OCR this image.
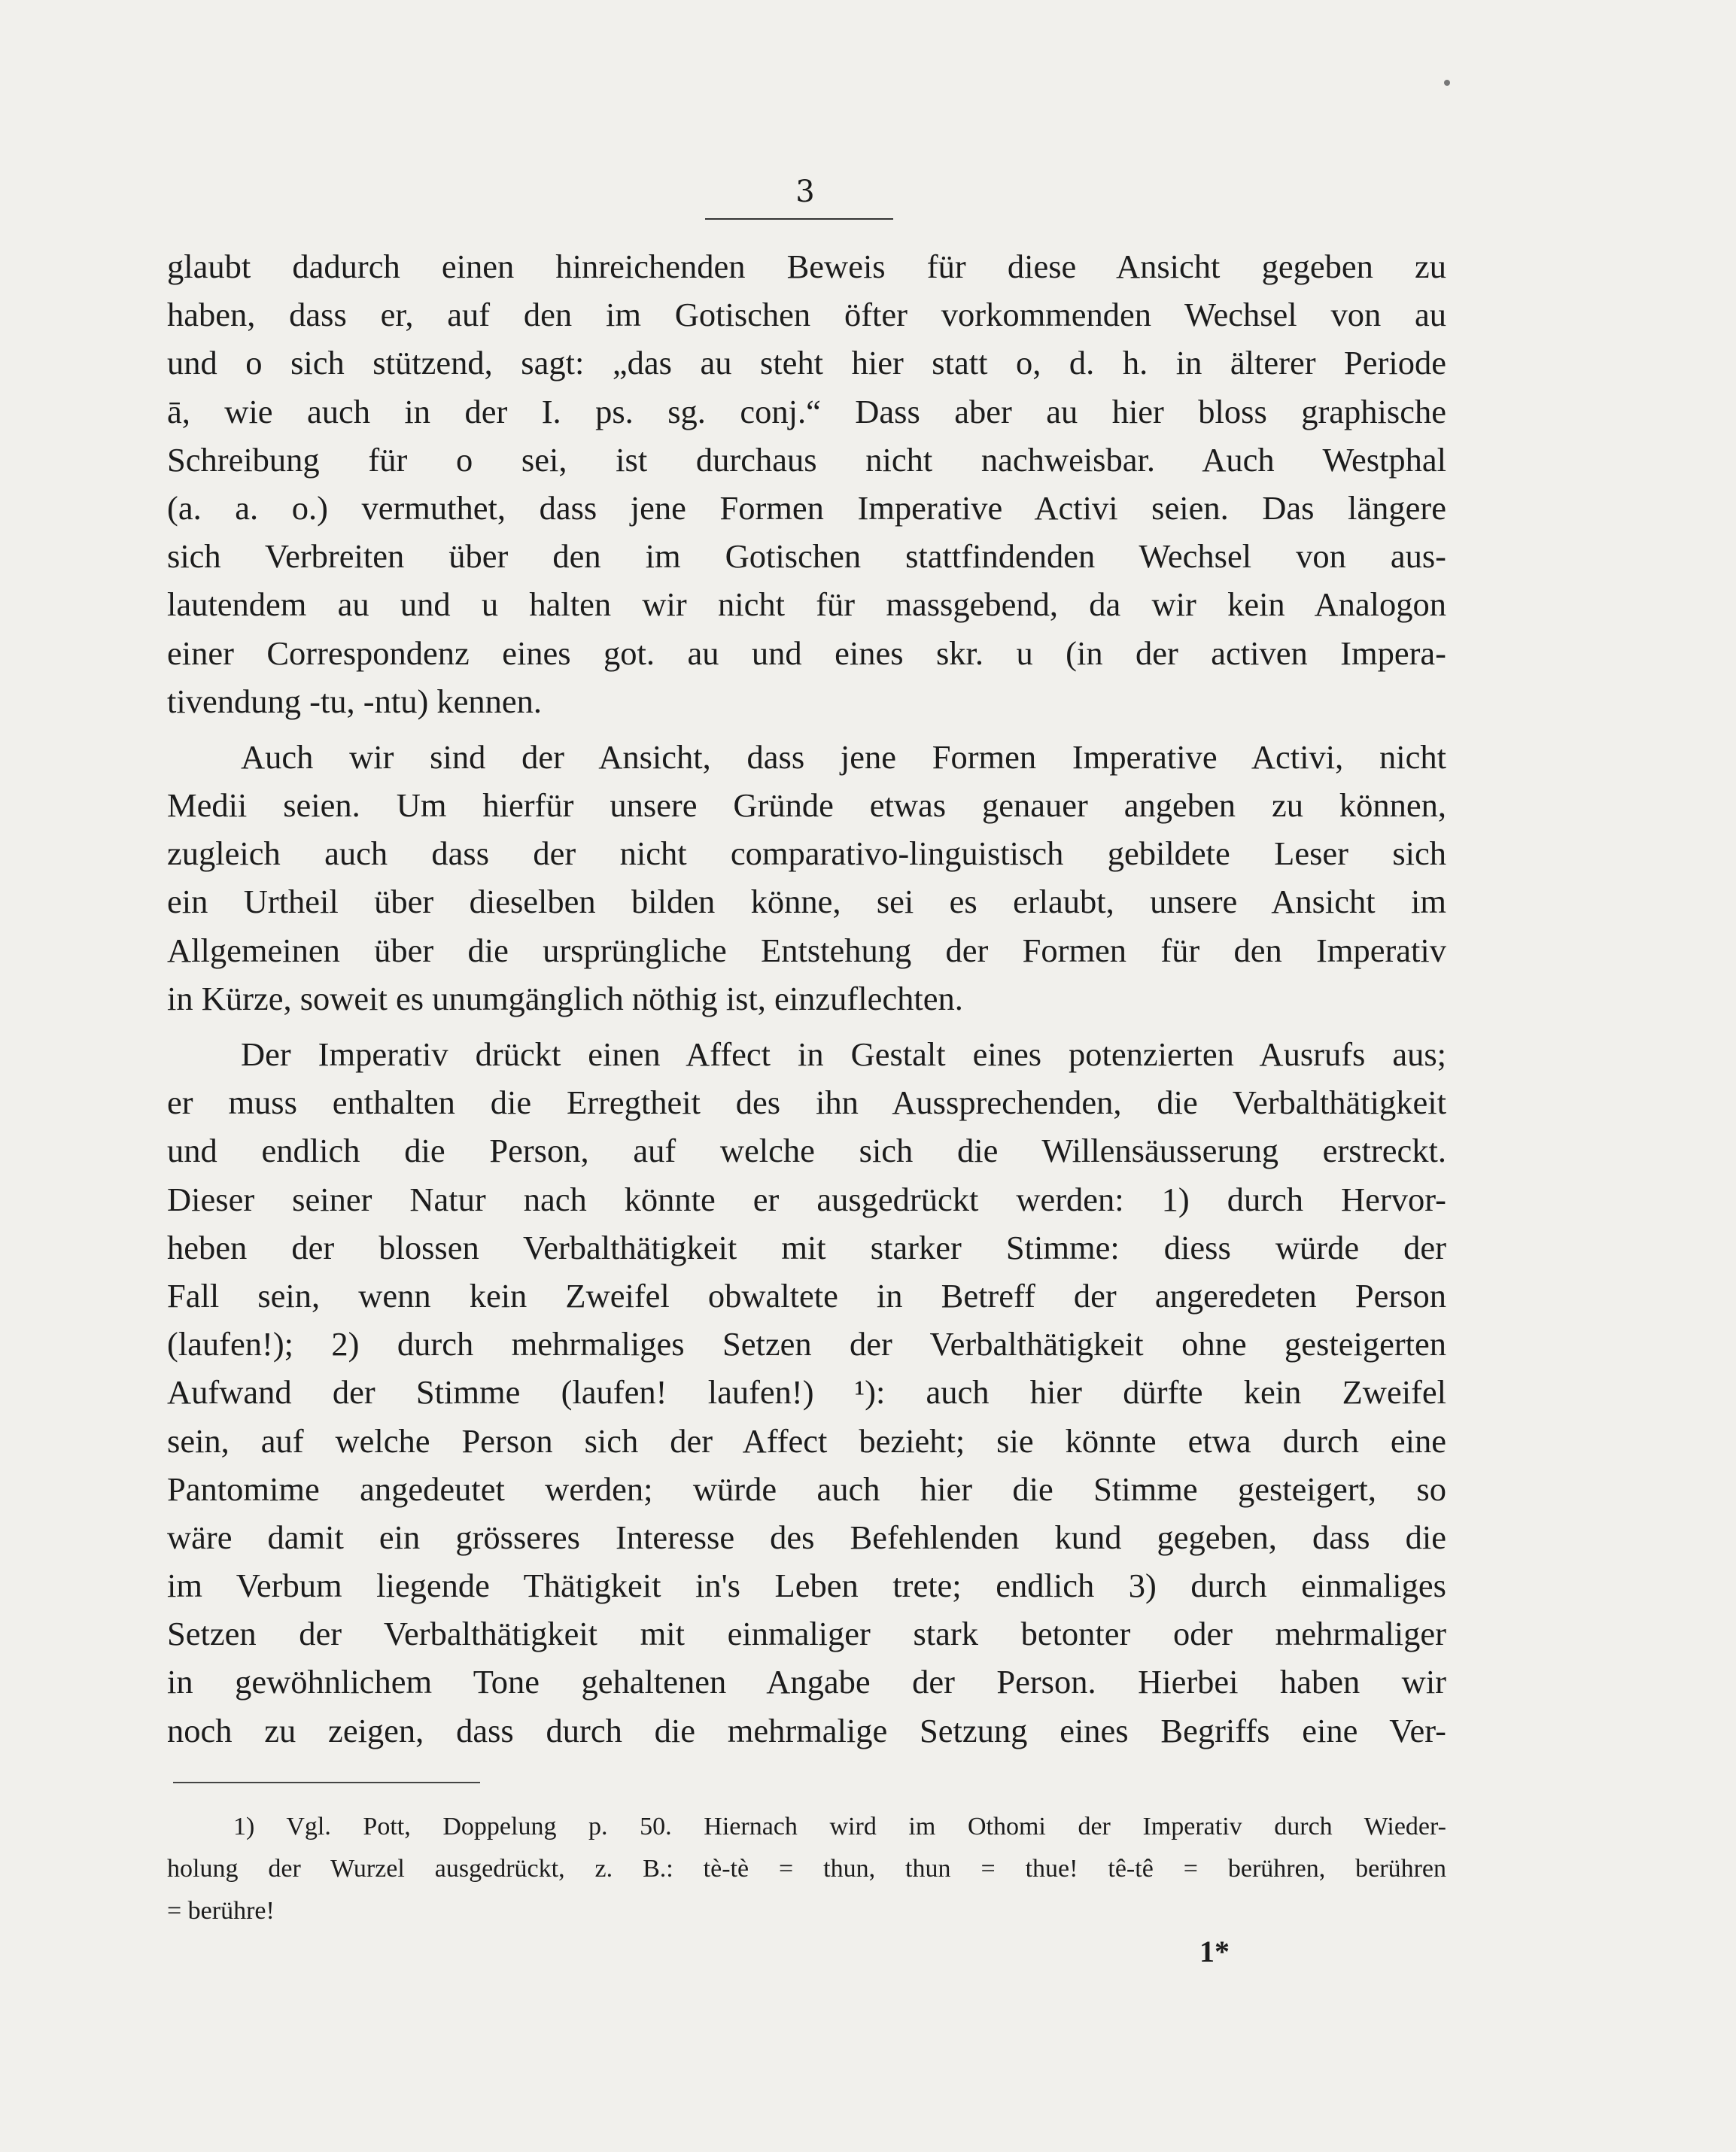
3

glaubt dadurch einen hinreichenden Beweis für diese Ansicht gegeben zu
haben, dass er, auf den im Gotischen öfter vorkommenden Wechsel von au
und o sich stützend, sagt: „das au steht hier statt o, d. h. in älterer Periode
ā, wie auch in der I. ps. sg. conj.“ Dass aber au hier bloss graphische
Schreibung für o sei, ist durchaus nicht nachweisbar. Auch Westphal
(a. a. o.) vermuthet, dass jene Formen Imperative Activi seien. Das längere
sich Verbreiten über den im Gotischen stattfindenden Wechsel von aus-
lautendem au und u halten wir nicht für massgebend, da wir kein Analogon
einer Correspondenz eines got. au und eines skr. u (in der activen Impera-
tivendung -tu, -ntu) kennen.

Auch wir sind der Ansicht, dass jene Formen Imperative Activi, nicht
Medii seien. Um hierfür unsere Gründe etwas genauer angeben zu können,
zugleich auch dass der nicht comparativo-linguistisch gebildete Leser sich
ein Urtheil über dieselben bilden könne, sei es erlaubt, unsere Ansicht im
Allgemeinen über die ursprüngliche Entstehung der Formen für den Imperativ
in Kürze, soweit es unumgänglich nöthig ist, einzuflechten.

Der Imperativ drückt einen Affect in Gestalt eines potenzierten Ausrufs aus;
er muss enthalten die Erregtheit des ihn Aussprechenden, die Verbalthätigkeit
und endlich die Person, auf welche sich die Willensäusserung erstreckt.
Dieser seiner Natur nach könnte er ausgedrückt werden: 1) durch Hervor-
heben der blossen Verbalthätigkeit mit starker Stimme: diess würde der
Fall sein, wenn kein Zweifel obwaltete in Betreff der angeredeten Person
(laufen!); 2) durch mehrmaliges Setzen der Verbalthätigkeit ohne gesteigerten
Aufwand der Stimme (laufen! laufen!) ¹): auch hier dürfte kein Zweifel
sein, auf welche Person sich der Affect bezieht; sie könnte etwa durch eine
Pantomime angedeutet werden; würde auch hier die Stimme gesteigert, so
wäre damit ein grösseres Interesse des Befehlenden kund gegeben, dass die
im Verbum liegende Thätigkeit in's Leben trete; endlich 3) durch einmaliges
Setzen der Verbalthätigkeit mit einmaliger stark betonter oder mehrmaliger
in gewöhnlichem Tone gehaltenen Angabe der Person. Hierbei haben wir
noch zu zeigen, dass durch die mehrmalige Setzung eines Begriffs eine Ver-

1) Vgl. Pott, Doppelung p. 50. Hiernach wird im Othomi der Imperativ durch Wieder-
holung der Wurzel ausgedrückt, z. B.: tè-tè = thun, thun = thue! tê-tê = berühren, berühren
= berühre!
1*
